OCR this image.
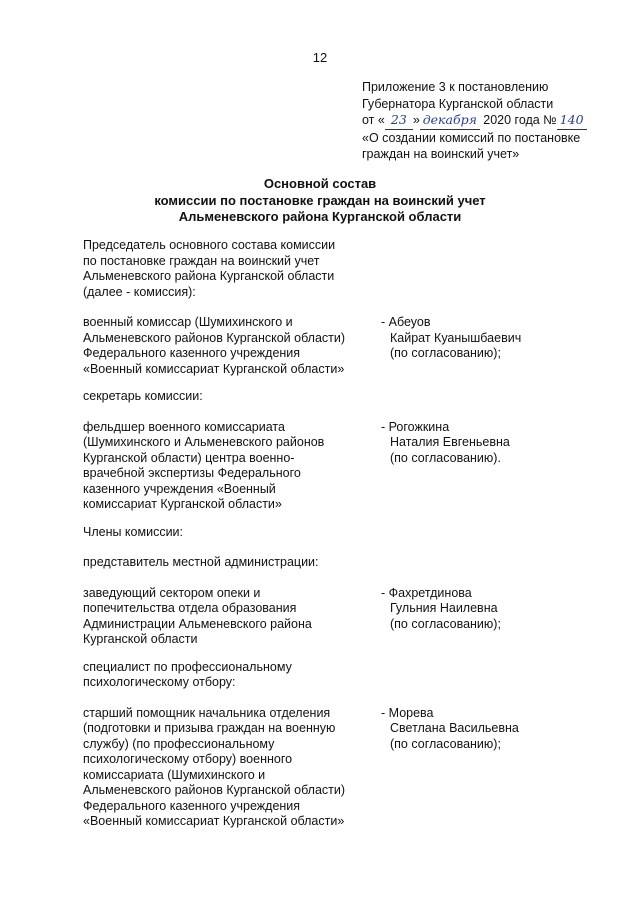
12
Приложение 3 к постановлению
Губернатора Курганской области
от « 23 » декабря 2020 года № 140
«О создании комиссий по постановке
граждан на воинский учет»
Основной состав
комиссии по постановке граждан на воинский учет
Альменевского района Курганской области
Председатель основного состава комиссии
по постановке граждан на воинский учет
Альменевского района Курганской области
(далее - комиссия):
военный комиссар (Шумихинского и
Альменевского районов Курганской области)
Федерального казенного учреждения
«Военный комиссариат Курганской области»
- Абеуов
Кайрат Куанышбаевич
(по согласованию);
секретарь комиссии:
фельдшер военного комиссариата
(Шумихинского и Альменевского районов
Курганской области) центра военно-
врачебной экспертизы Федерального
казенного учреждения «Военный
комиссариат Курганской области»
- Рогожкина
Наталия Евгеньевна
(по согласованию).
Члены комиссии:
представитель местной администрации:
заведующий сектором опеки и
попечительства отдела образования
Администрации Альменевского района
Курганской области
- Фахретдинова
Гульния Наилевна
(по согласованию);
специалист по профессиональному
психологическому отбору:
старший помощник начальника отделения
(подготовки и призыва граждан на военную
службу) (по профессиональному
психологическому отбору) военного
комиссариата (Шумихинского и
Альменевского районов Курганской области)
Федерального казенного учреждения
«Военный комиссариат Курганской области»
- Морева
Светлана Васильевна
(по согласованию);
